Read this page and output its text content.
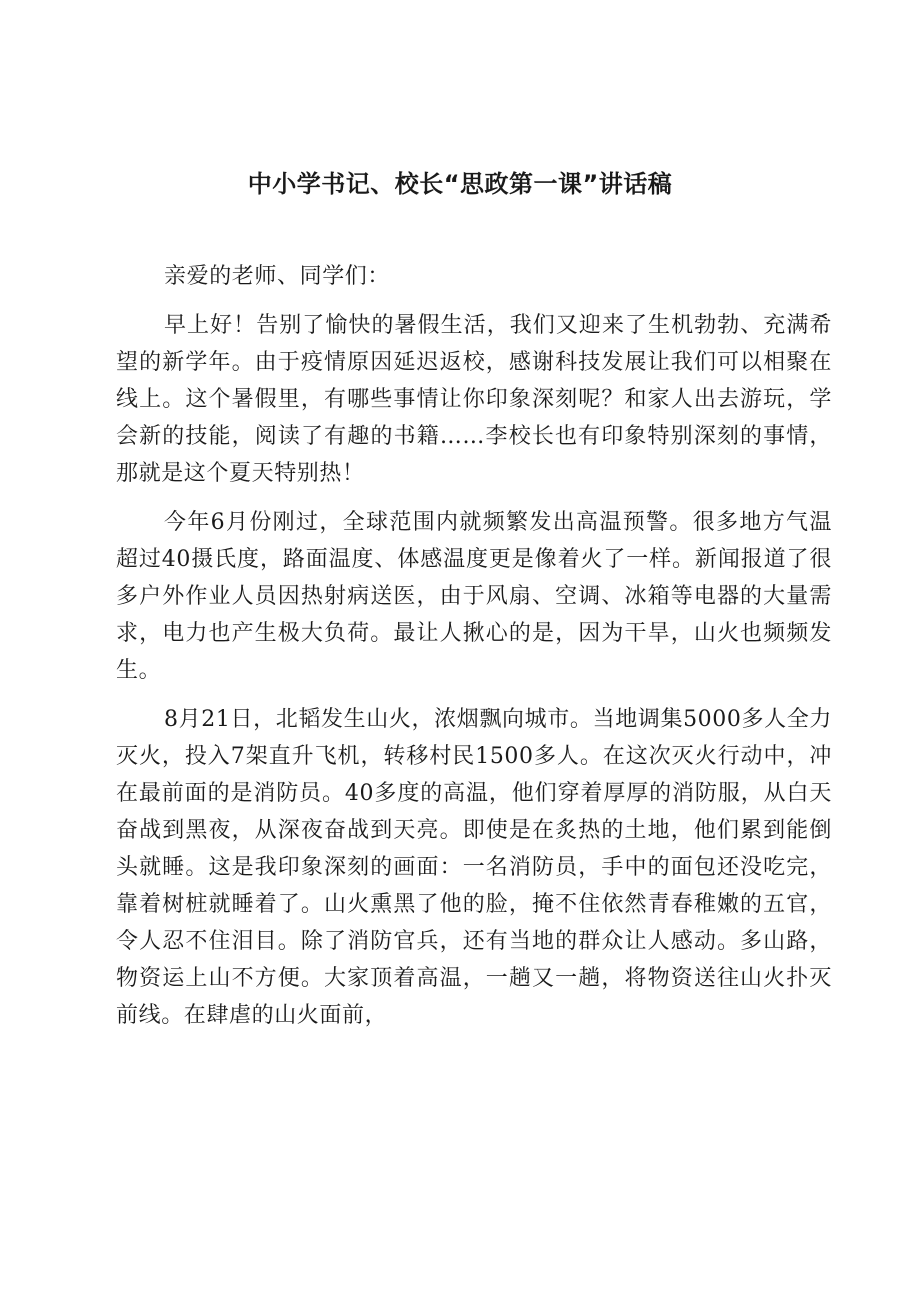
中小学书记、校长“思政第一课”讲话稿

亲爱的老师、同学们：

早上好！告别了愉快的暑假生活，我们又迎来了生机勃勃、充满希望的新学年。由于疫情原因延迟返校，感谢科技发展让我们可以相聚在线上。这个暑假里，有哪些事情让你印象深刻呢？和家人出去游玩，学会新的技能，阅读了有趣的书籍……李校长也有印象特别深刻的事情，那就是这个夏天特别热！

今年6月份刚过，全球范围内就频繁发出高温预警。很多地方气温超过40摄氏度，路面温度、体感温度更是像着火了一样。新闻报道了很多户外作业人员因热射病送医，由于风扇、空调、冰箱等电器的大量需求，电力也产生极大负荷。最让人揪心的是，因为干旱，山火也频频发生。

8月21日，北韬发生山火，浓烟飘向城市。当地调集5000多人全力灭火，投入7架直升飞机，转移村民1500多人。在这次灭火行动中，冲在最前面的是消防员。40多度的高温，他们穿着厚厚的消防服，从白天奋战到黑夜，从深夜奋战到天亮。即使是在炙热的土地，他们累到能倒头就睡。这是我印象深刻的画面：一名消防员，手中的面包还没吃完，靠着树桩就睡着了。山火熏黑了他的脸，掩不住依然青春稚嫩的五官，令人忍不住泪目。除了消防官兵，还有当地的群众让人感动。多山路，物资运上山不方便。大家顶着高温，一趟又一趟，将物资送往山火扑灭前线。在肆虐的山火面前，
